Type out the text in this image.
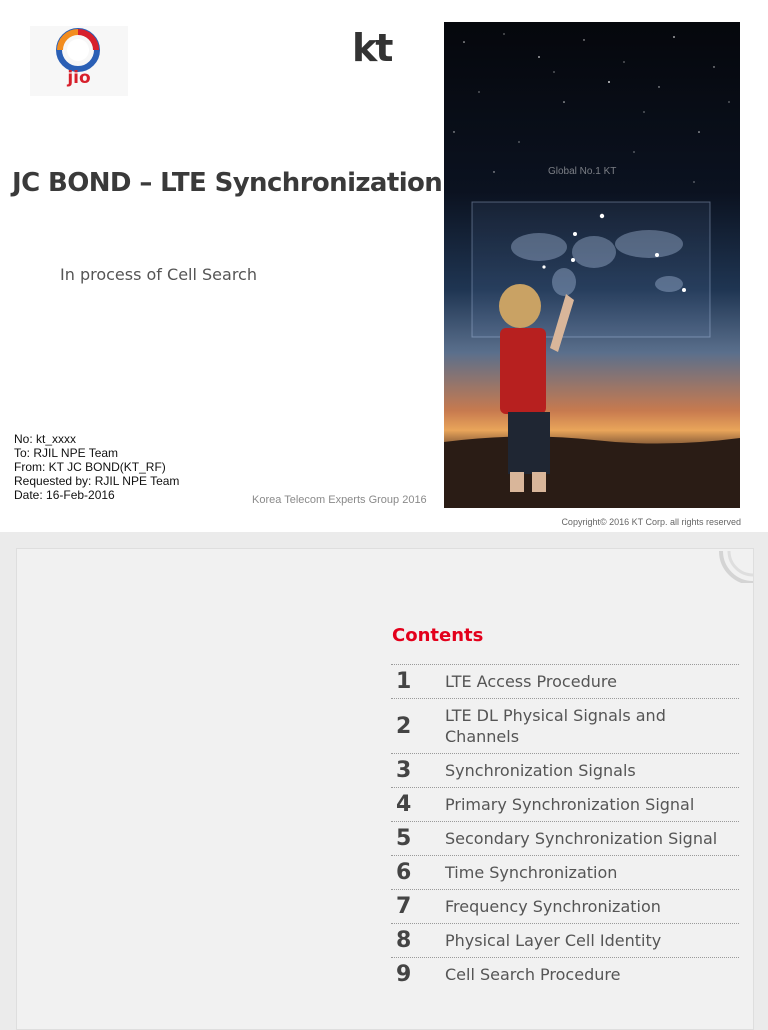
jio
kt
JC BOND – LTE Synchronization
In process of Cell Search
No: kt_xxxx
To: RJIL NPE Team
From: KT JC BOND(KT_RF)
Requested by: RJIL NPE Team
Date: 16-Feb-2016	Korea Telecom Experts Group 2016
Global No.1 KT
Copyright© 2016 KT Corp. all rights reserved
Contents
1	LTE Access Procedure
2	LTE DL Physical Signals and Channels
3	Synchronization Signals
4	Primary Synchronization Signal
5	Secondary Synchronization Signal
6	Time Synchronization
7	Frequency Synchronization
8	Physical Layer Cell Identity
9	Cell Search Procedure
